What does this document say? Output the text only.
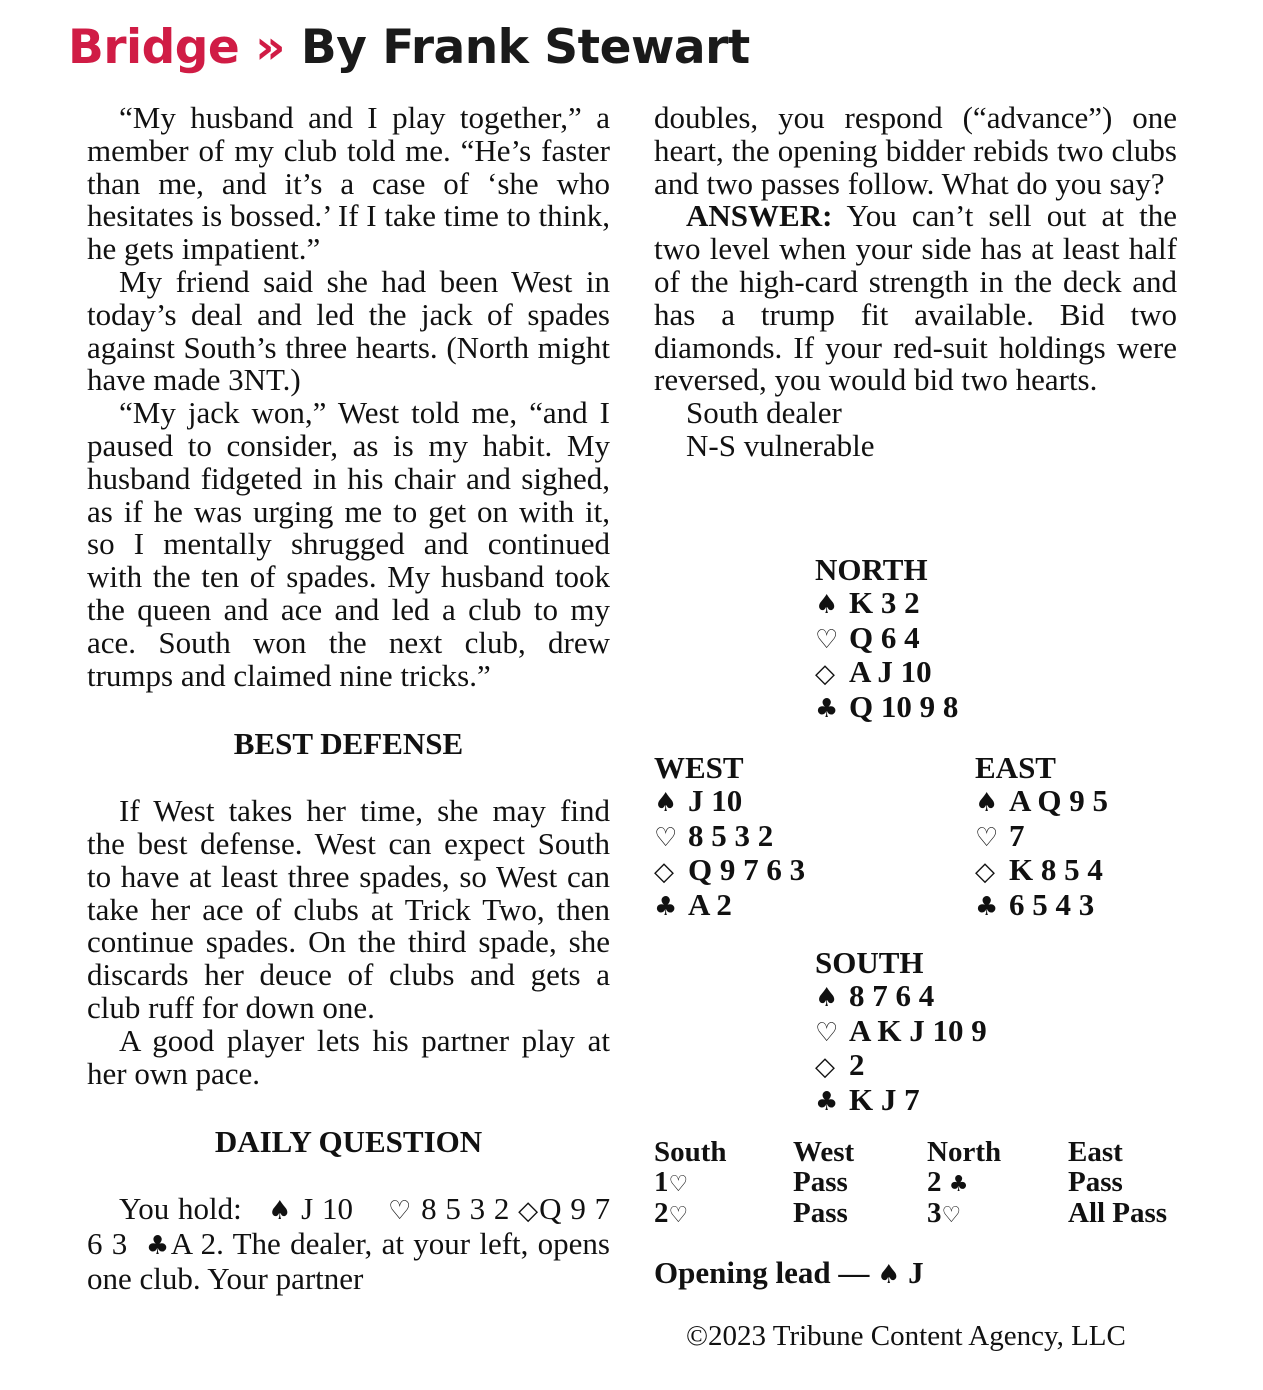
Bridge » By Frank Stewart

“My husband and I play together,” a member of my club told me. “He’s faster than me, and it’s a case of ‘she who hesitates is bossed.’ If I take time to think, he gets impatient.”

My friend said she had been West in today’s deal and led the jack of spades against South’s three hearts. (North might have made 3NT.)

“My jack won,” West told me, “and I paused to consider, as is my habit. My husband fidgeted in his chair and sighed, as if he was urging me to get on with it, so I mentally shrugged and continued with the ten of spades. My husband took the queen and ace and led a club to my ace. South won the next club, drew trumps and claimed nine tricks.”

BEST DEFENSE

If West takes her time, she may find the best defense. West can expect South to have at least three spades, so West can take her ace of clubs at Trick Two, then continue spades. On the third spade, she discards her deuce of clubs and gets a club ruff for down one.

A good player lets his partner play at her own pace.

DAILY QUESTION

You hold: ♠ J 10 ♡ 8 5 3 2 ◇Q 9 7 6 3 ♣A 2. The dealer, at your left, opens one club. Your partner

doubles, you respond (“advance”) one heart, the opening bidder rebids two clubs and two passes follow. What do you say?

ANSWER: You can’t sell out at the two level when your side has at least half of the high-card strength in the deck and has a trump fit available. Bid two diamonds. If your red-suit holdings were reversed, you would bid two hearts.

South dealer

N-S vulnerable

NORTH
♠ K 3 2
♡ Q 6 4
◇ A J 10
♣ Q 10 9 8
WEST
♠ J 10
♡ 8 5 3 2
◇ Q 9 7 6 3
♣ A 2
EAST
♠ A Q 9 5
♡ 7
◇ K 8 5 4
♣ 6 5 4 3
SOUTH
♠ 8 7 6 4
♡ A K J 10 9
◇ 2
♣ K J 7
South	West	North	East
1♡	Pass	2 ♣	Pass
2♡	Pass	3♡	All Pass
Opening lead — ♠ J
©2023 Tribune Content Agency, LLC
